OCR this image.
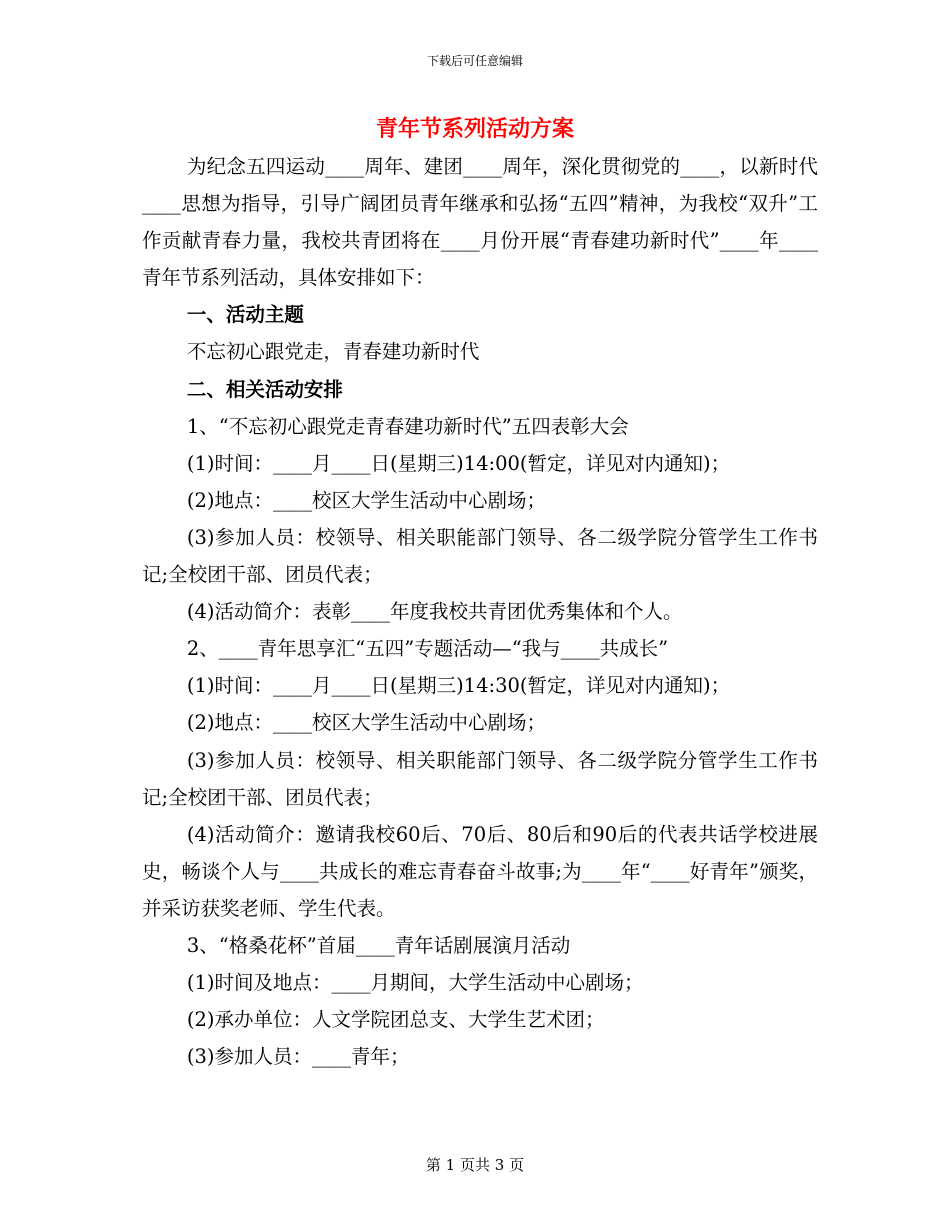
下载后可任意编辑
青年节系列活动方案

为纪念五四运动____周年、建团____周年，深化贯彻党的____，以新时代____思想为指导，引导广阔团员青年继承和弘扬“五四”精神，为我校“双升”工作贡献青春力量，我校共青团将在____月份开展“青春建功新时代”____年____青年节系列活动，具体安排如下：

一、活动主题

不忘初心跟党走，青春建功新时代

二、相关活动安排

1、“不忘初心跟党走青春建功新时代”五四表彰大会

(1)时间：____月____日(星期三)14:00(暂定，详见对内通知)；

(2)地点：____校区大学生活动中心剧场；

(3)参加人员：校领导、相关职能部门领导、各二级学院分管学生工作书记;全校团干部、团员代表；

(4)活动简介：表彰____年度我校共青团优秀集体和个人。

2、____青年思享汇“五四”专题活动—“我与____共成长”

(1)时间：____月____日(星期三)14:30(暂定，详见对内通知)；

(2)地点：____校区大学生活动中心剧场；

(3)参加人员：校领导、相关职能部门领导、各二级学院分管学生工作书记;全校团干部、团员代表；

(4)活动简介：邀请我校60后、70后、80后和90后的代表共话学校进展史，畅谈个人与____共成长的难忘青春奋斗故事;为____年“____好青年”颁奖，并采访获奖老师、学生代表。

3、“格桑花杯”首届____青年话剧展演月活动

(1)时间及地点：____月期间，大学生活动中心剧场；

(2)承办单位：人文学院团总支、大学生艺术团；

(3)参加人员：____青年；

第 1 页共 3 页
